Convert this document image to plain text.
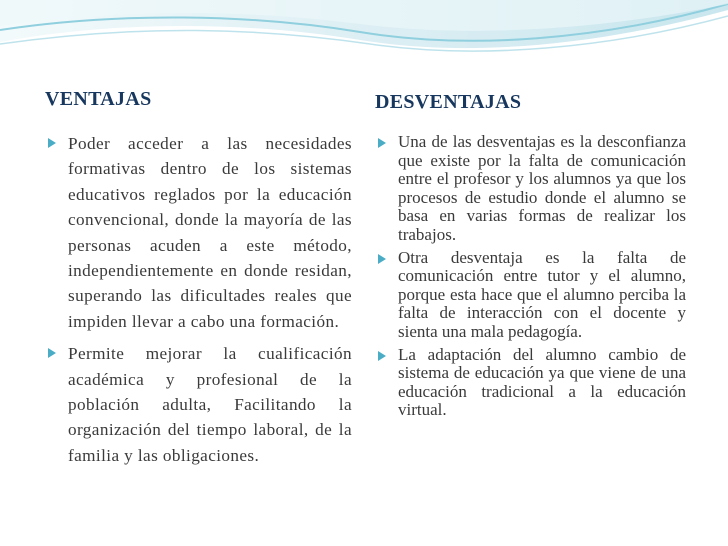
VENTAJAS	DESVENTAJAS
Poder acceder a las necesidades formativas dentro de los sistemas educativos reglados por la educación convencional, donde la mayoría de las personas acuden a este método, independientemente en donde residan, superando las dificultades reales que impiden llevar a cabo una formación.
Permite mejorar la cualificación académica y profesional de la población adulta, Facilitando la organización del tiempo laboral, de la familia y las obligaciones.
Una de las desventajas es la desconfianza que existe por la falta de comunicación entre el profesor y los alumnos ya que los procesos de estudio donde el alumno se basa en varias formas de realizar los trabajos.
Otra desventaja es la falta de comunicación entre tutor y el alumno, porque esta hace que el alumno perciba la falta de interacción con el docente y sienta una mala pedagogía.
La adaptación del alumno cambio de sistema de educación ya que viene de una educación tradicional a la educación virtual.
